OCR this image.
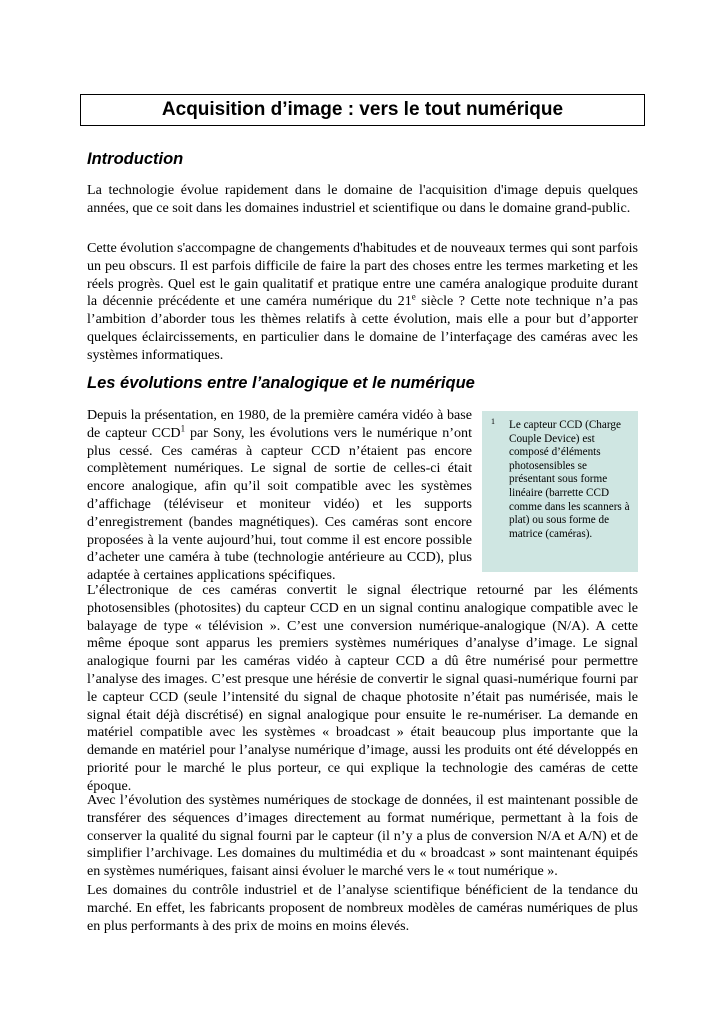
Acquisition d’image : vers le tout numérique
Introduction

La technologie évolue rapidement dans le domaine de l'acquisition d'image depuis quelques années, que ce soit dans les domaines industriel et scientifique ou dans le domaine grand-public.

Cette évolution s'accompagne de changements d'habitudes et de nouveaux termes qui sont parfois un peu obscurs. Il est parfois difficile de faire la part des choses entre les termes marketing et les réels progrès. Quel est le gain qualitatif et pratique entre une caméra analogique produite durant la décennie précédente et une caméra numérique du 21e siècle ? Cette note technique n’a pas l’ambition d’aborder tous les thèmes relatifs à cette évolution, mais elle a pour but d’apporter quelques éclaircissements, en particulier dans le domaine de l’interfaçage des caméras avec les systèmes informatiques.

Les évolutions entre l’analogique et le numérique

Depuis la présentation, en 1980, de la première caméra vidéo à base de capteur CCD$^1$ par Sony, les évolutions vers le numérique n’ont plus cessé. Ces caméras à capteur CCD n’étaient pas encore complètement numériques. Le signal de sortie de celles-ci était encore analogique, afin qu’il soit compatible avec les systèmes d’affichage (téléviseur et moniteur vidéo) et les supports d’enregistrement (bandes magnétiques). Ces caméras sont encore proposées à la vente aujourd’hui, tout comme il est encore possible d’acheter une caméra à tube (technologie antérieure au CCD), plus adaptée à certaines applications spécifiques.

1 Le capteur CCD (Charge Couple Device) est composé d’éléments photosensibles se présentant sous forme linéaire (barrette CCD comme dans les scanners à plat) ou sous forme de matrice (caméras).

L’électronique de ces caméras convertit le signal électrique retourné par les éléments photosensibles (photosites) du capteur CCD en un signal continu analogique compatible avec le balayage de type « télévision ». C’est une conversion numérique-analogique (N/A). A cette même époque sont apparus les premiers systèmes numériques d’analyse d’image. Le signal analogique fourni par les caméras vidéo à capteur CCD a dû être numérisé pour permettre l’analyse des images. C’est presque une hérésie de convertir le signal quasi-numérique fourni par le capteur CCD (seule l’intensité du signal de chaque photosite n’était pas numérisée, mais le signal était déjà discrétisé) en signal analogique pour ensuite le re-numériser. La demande en matériel compatible avec les systèmes « broadcast » était beaucoup plus importante que la demande en matériel pour l’analyse numérique d’image, aussi les produits ont été développés en priorité pour le marché le plus porteur, ce qui explique la technologie des caméras de cette époque.

Avec l’évolution des systèmes numériques de stockage de données, il est maintenant possible de transférer des séquences d’images directement au format numérique, permettant à la fois de conserver la qualité du signal fourni par le capteur (il n’y a plus de conversion N/A et A/N) et de simplifier l’archivage. Les domaines du multimédia et du « broadcast » sont maintenant équipés en systèmes numériques, faisant ainsi évoluer le marché vers le « tout numérique ».

Les domaines du contrôle industriel et de l’analyse scientifique bénéficient de la tendance du marché. En effet, les fabricants proposent de nombreux modèles de caméras numériques de plus en plus performants à des prix de moins en moins élevés.
